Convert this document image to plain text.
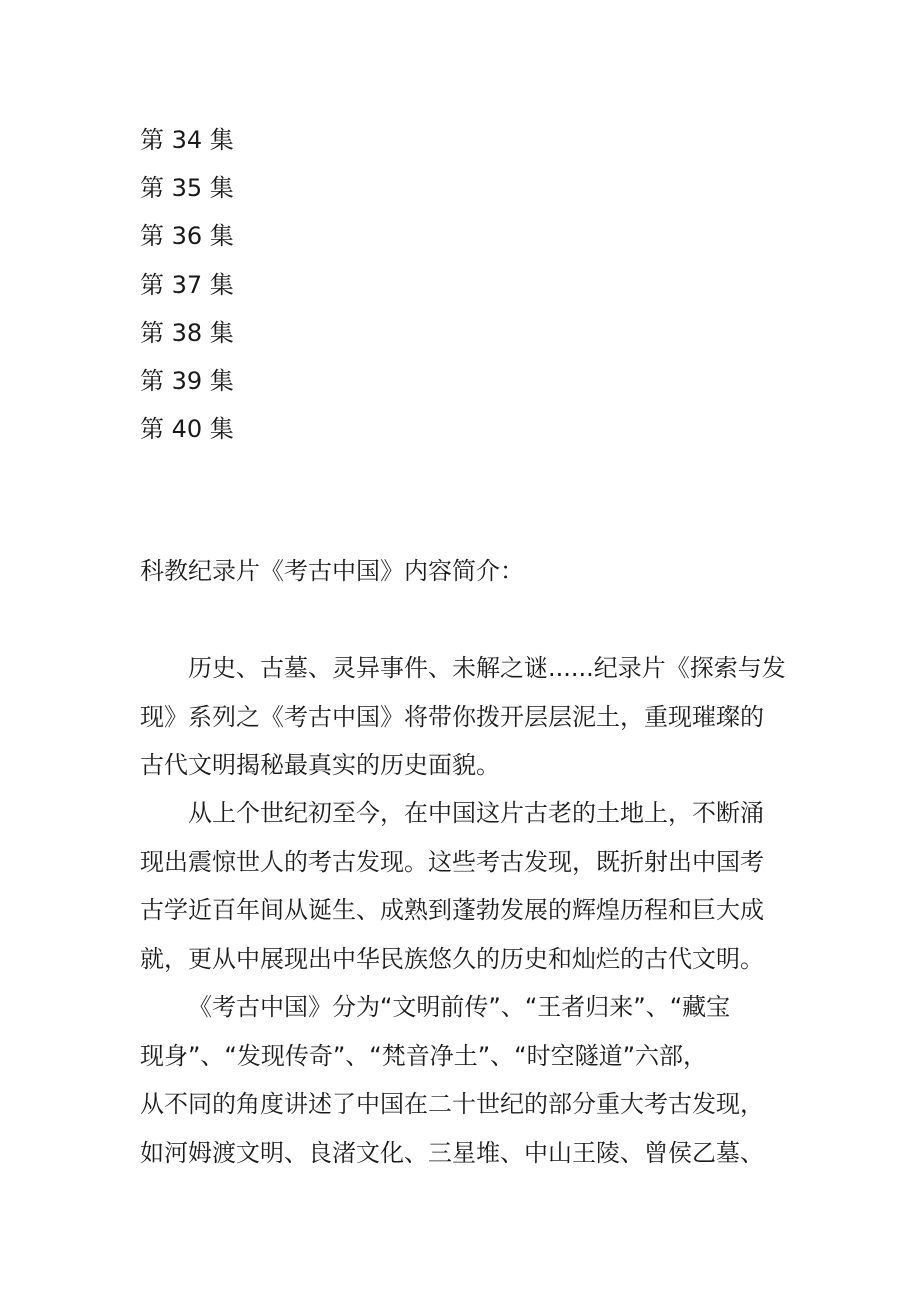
第 34 集
第 35 集
第 36 集
第 37 集
第 38 集
第 39 集
第 40 集
科教纪录片《考古中国》内容简介：

历史、古墓、灵异事件、未解之谜......纪录片《探索与发
现》系列之《考古中国》将带你拨开层层泥土，重现璀璨的
古代文明揭秘最真实的历史面貌。

从上个世纪初至今，在中国这片古老的土地上，不断涌
现出震惊世人的考古发现。这些考古发现，既折射出中国考
古学近百年间从诞生、成熟到蓬勃发展的辉煌历程和巨大成
就，更从中展现出中华民族悠久的历史和灿烂的古代文明。

《考古中国》分为“文明前传”、“王者归来”、“藏宝
现身”、“发现传奇”、“梵音净土”、“时空隧道”六部，
从不同的角度讲述了中国在二十世纪的部分重大考古发现，
如河姆渡文明、良渚文化、三星堆、中山王陵、曾侯乙墓、
